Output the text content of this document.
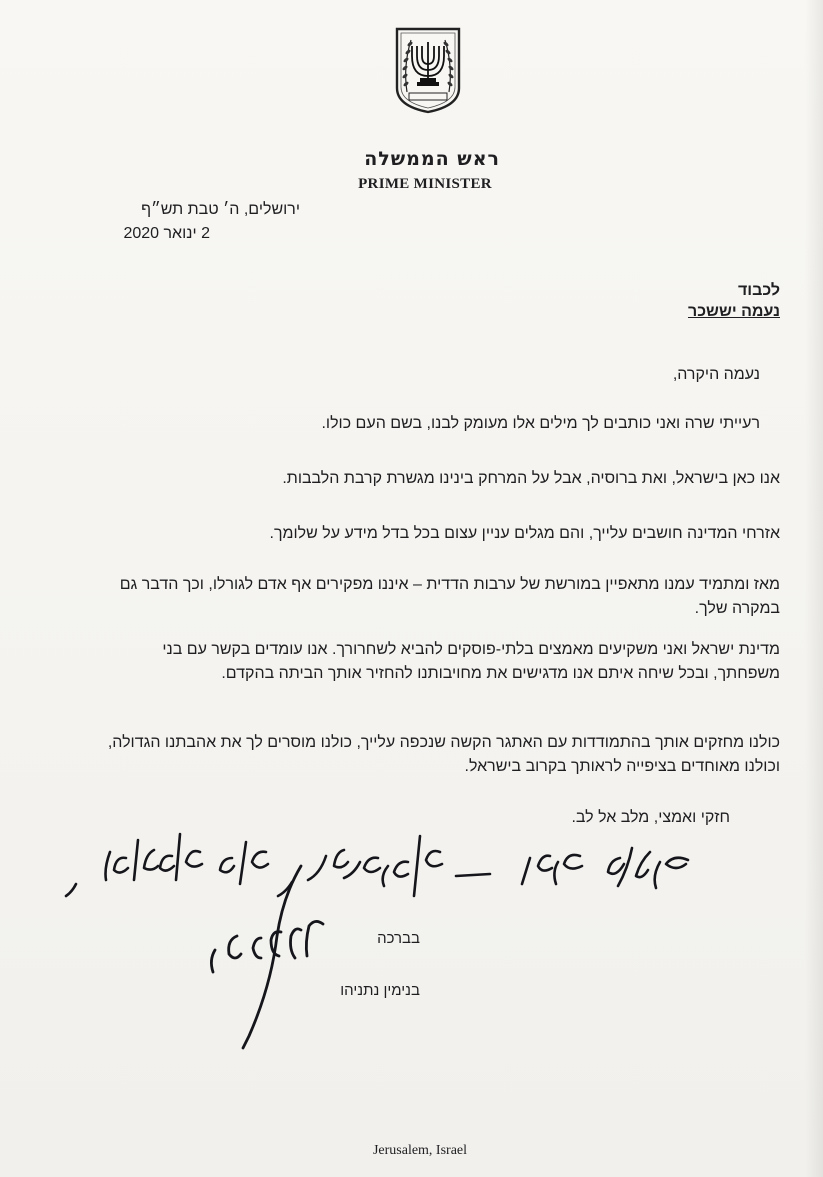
ראש הממשלה
PRIME MINISTER
ירושלים, ה׳ טבת תש״ף
2 ינואר 2020
לכבוד
נעמה יששכר
נעמה היקרה,
רעייתי שרה ואני כותבים לך מילים אלו מעומק לבנו, בשם העם כולו.
אנו כאן בישראל, ואת ברוסיה, אבל על המרחק בינינו מגשרת קרבת הלבבות.
אזרחי המדינה חושבים עלייך, והם מגלים עניין עצום בכל בדל מידע על שלומך.
מאז ומתמיד עמנו מתאפיין במורשת של ערבות הדדית – איננו מפקירים אף אדם לגורלו, וכך הדבר גם במקרה שלך.
מדינת ישראל ואני משקיעים מאמצים בלתי-פוסקים להביא לשחרורך. אנו עומדים בקשר עם בני משפחתך, ובכל שיחה איתם אנו מדגישים את מחויבותנו להחזיר אותך הביתה בהקדם.
כולנו מחזקים אותך בהתמודדות עם האתגר הקשה שנכפה עלייך, כולנו מוסרים לך את אהבתנו הגדולה, וכולנו מאוחדים בציפייה לראותך בקרוב בישראל.
חזקי ואמצי, מלב אל לב.
בברכה
בנימין נתניהו
Jerusalem, Israel
